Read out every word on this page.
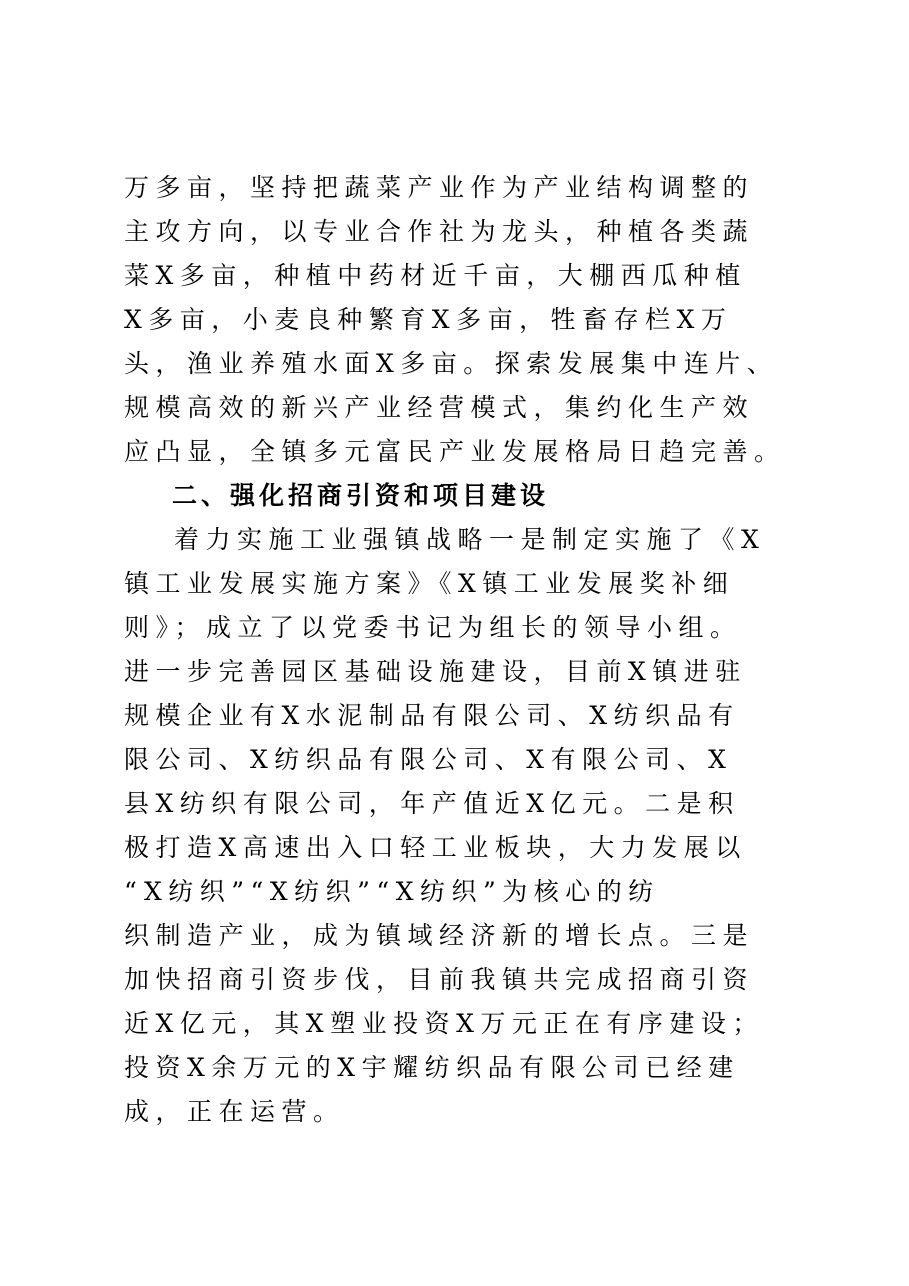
万多亩，坚持把蔬菜产业作为产业结构调整的
主攻方向，以专业合作社为龙头，种植各类蔬
菜X多亩，种植中药材近千亩，大棚西瓜种植
X多亩，小麦良种繁育X多亩，牲畜存栏X万
头，渔业养殖水面X多亩。探索发展集中连片、
规模高效的新兴产业经营模式，集约化生产效
应凸显，全镇多元富民产业发展格局日趋完善。
二、强化招商引资和项目建设
着力实施工业强镇战略一是制定实施了《X
镇工业发展实施方案》《X镇工业发展奖补细
则》；成立了以党委书记为组长的领导小组。
进一步完善园区基础设施建设，目前X镇进驻
规模企业有X水泥制品有限公司、X纺织品有
限公司、X纺织品有限公司、X有限公司、X
县X纺织有限公司，年产值近X亿元。二是积
极打造X高速出入口轻工业板块，大力发展以
“X纺织”“X纺织”“X纺织”为核心的纺
织制造产业，成为镇域经济新的增长点。三是
加快招商引资步伐，目前我镇共完成招商引资
近X亿元，其X塑业投资X万元正在有序建设；
投资X余万元的X宇耀纺织品有限公司已经建
成，正在运营。
